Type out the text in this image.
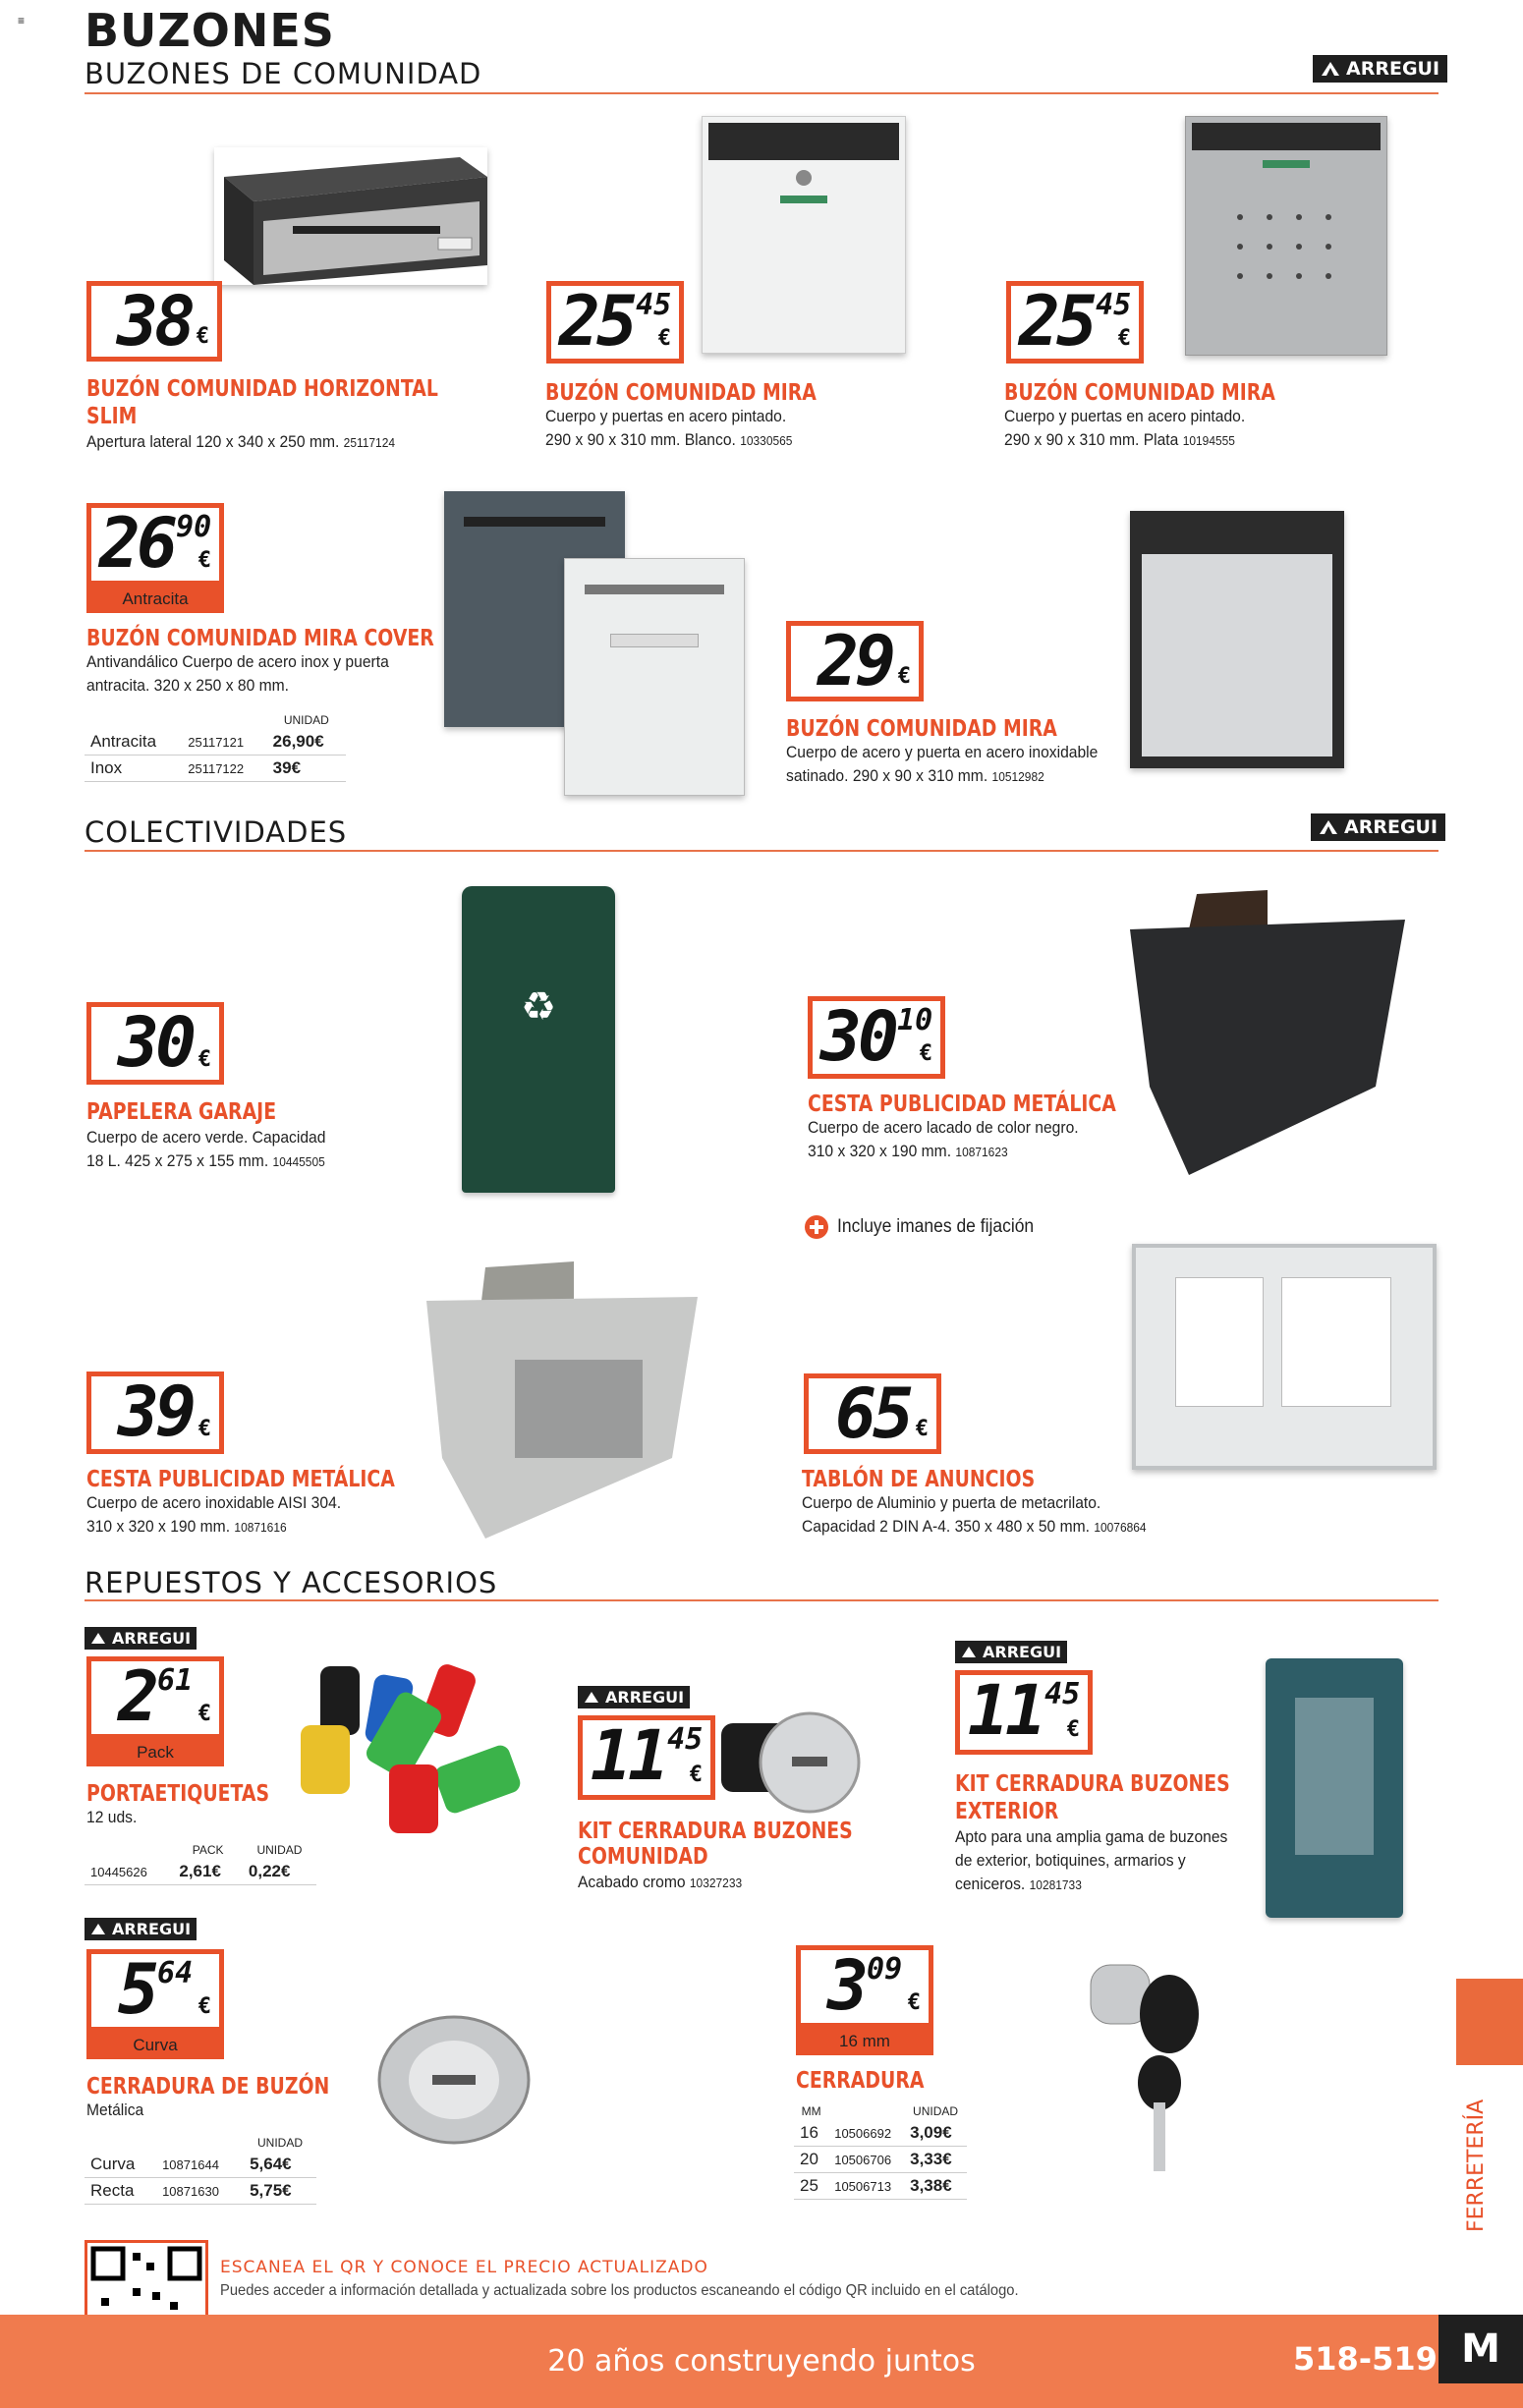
≡ BUZONES
BUZONES DE COMUNIDAD	ARREGUI
38 €
BUZÓN COMUNIDAD HORIZONTAL
SLIM
Apertura lateral 120 x 340 x 250 mm. 25117124
25 45
€
BUZÓN COMUNIDAD MIRA
Cuerpo y puertas en acero pintado.
290 x 90 x 310 mm. Blanco. 10330565
25 45
€
BUZÓN COMUNIDAD MIRA
Cuerpo y puertas en acero pintado.
290 x 90 x 310 mm. Plata 10194555
26 90
€
Antracita
BUZÓN COMUNIDAD MIRA COVER
Antivandálico Cuerpo de acero inox y puerta
antracita. 320 x 250 x 80 mm.
		UNIDAD
Antracita	25117121	26,90€
Inox	25117122	39€
29 €
BUZÓN COMUNIDAD MIRA
Cuerpo de acero y puerta en acero inoxidable
satinado. 290 x 90 x 310 mm. 10512982
COLECTIVIDADES	ARREGUI
30 €
PAPELERA GARAJE
Cuerpo de acero verde. Capacidad
18 L. 425 x 275 x 155 mm. 10445505
♻	30 10
€
CESTA PUBLICIDAD METÁLICA
Cuerpo de acero lacado de color negro.
310 x 320 x 190 mm. 10871623
Incluye imanes de fijación
39 €
CESTA PUBLICIDAD METÁLICA
Cuerpo de acero inoxidable AISI 304.
310 x 320 x 190 mm. 10871616
65 €
TABLÓN DE ANUNCIOS
Cuerpo de Aluminio y puerta de metacrilato.
Capacidad 2 DIN A-4. 350 x 480 x 50 mm. 10076864
REPUESTOS Y ACCESORIOS
ARREGUI
2 61
€
Pack
PORTAETIQUETAS
12 uds.
	PACK	UNIDAD
10445626	2,61€	0,22€
ARREGUI
11 45
€
KIT CERRADURA BUZONES
COMUNIDAD
Acabado cromo 10327233
ARREGUI
11 45
€
KIT CERRADURA BUZONES
EXTERIOR
Apto para una amplia gama de buzones
de exterior, botiquines, armarios y
ceniceros. 10281733
ARREGUI
5 64
€
Curva
CERRADURA DE BUZÓN
Metálica
		UNIDAD
Curva	10871644	5,64€
Recta	10871630	5,75€
3 09
€
16 mm
CERRADURA
MM		UNIDAD
16	10506692	3,09€
20	10506706	3,33€
25	10506713	3,38€	FERRETERÍA
ESCANEA EL QR Y CONOCE EL PRECIO ACTUALIZADO
Puedes acceder a información detallada y actualizada sobre los productos escaneando el código QR incluido en el catálogo.
20 años construyendo juntos	518-519 M
